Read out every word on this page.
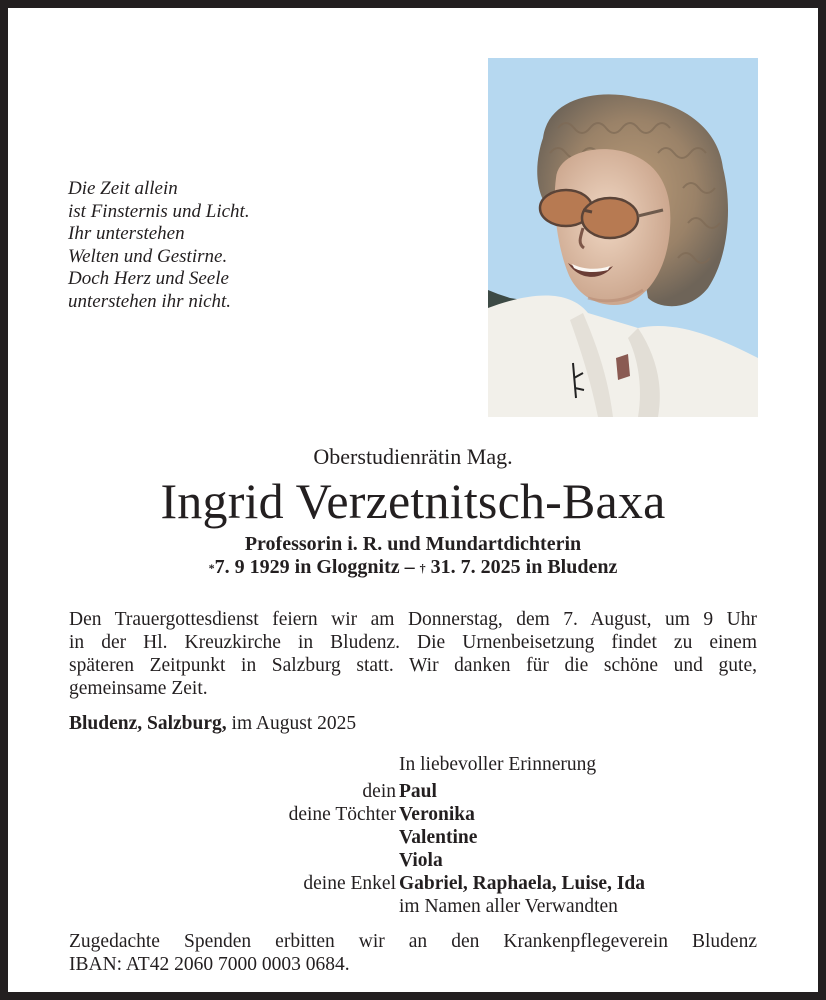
Die Zeit allein
ist Finsternis und Licht.
Ihr unterstehen
Welten und Gestirne.
Doch Herz und Seele
unterstehen ihr nicht.
Oberstudienrätin Mag.
Ingrid Verzetnitsch-Baxa
Professorin i. R. und Mundartdichterin
*7. 9 1929 in Gloggnitz – † 31. 7. 2025 in Bludenz
Den Trauergottesdienst feiern wir am Donnerstag, dem 7. August, um 9 Uhr
in der Hl. Kreuzkirche in Bludenz. Die Urnenbeisetzung findet zu einem
späteren Zeitpunkt in Salzburg statt. Wir danken für die schöne und gute,
gemeinsame Zeit.
Bludenz, Salzburg, im August 2025
In liebevoller Erinnerung
dein Paul
deine Töchter Veronika
Valentine
Viola
deine Enkel Gabriel, Raphaela, Luise, Ida
im Namen aller Verwandten
Zugedachte Spenden erbitten wir an den Krankenpflegeverein Bludenz
IBAN: AT42 2060 7000 0003 0684.
